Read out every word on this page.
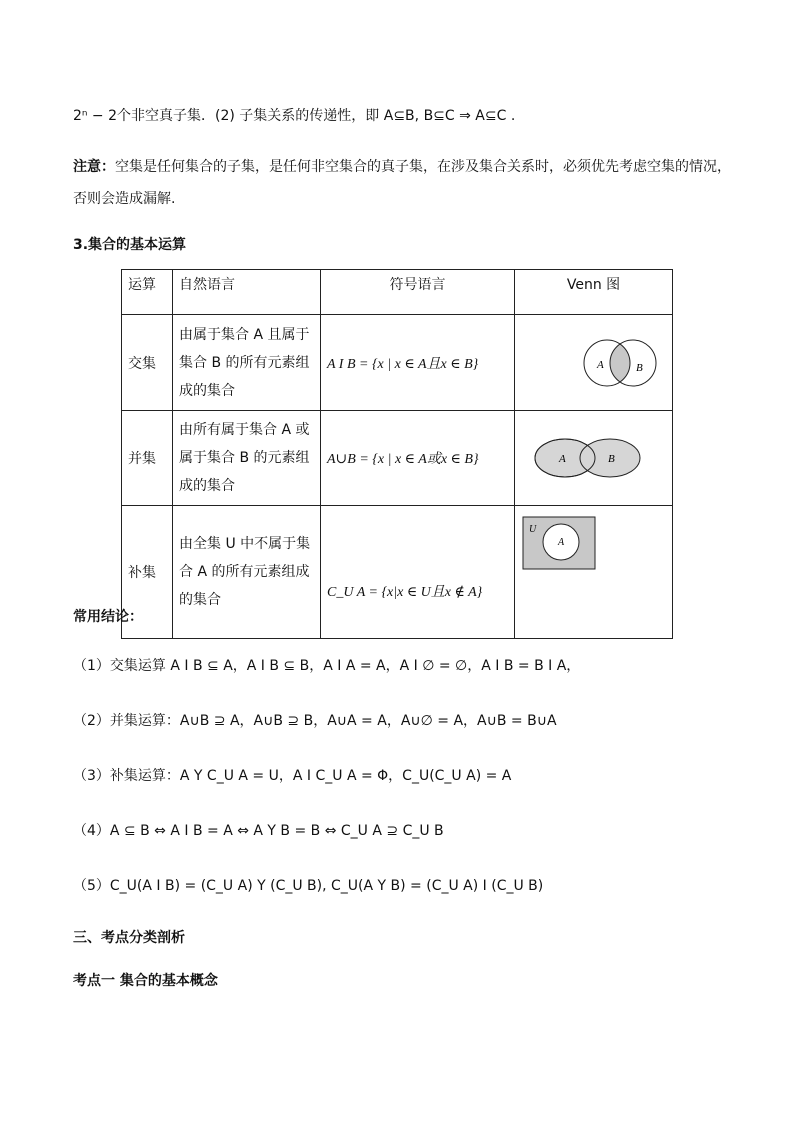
2ⁿ − 2个非空真子集．(2) 子集关系的传递性，即 A⊆B, B⊆C ⇒ A⊆C .
注意：空集是任何集合的子集，是任何非空集合的真子集，在涉及集合关系时，必须优先考虑空集的情况，
否则会造成漏解.
3.集合的基本运算
运算	自然语言	符号语言	Venn 图
交集	由属于集合 A 且属于集合 B 的所有元素组成的集合	A I B = {x | x ∈ A且x ∈ B}	A B

并集	由所有属于集合 A 或属于集合 B 的元素组成的集合	A∪B = {x | x ∈ A或x ∈ B}	A B

补集	由全集 U 中不属于集合 A 的所有元素组成的集合	C_U A = {x|x ∈ U且x ∉ A}	U
A
常用结论：
（1）交集运算 A I B ⊆ A，A I B ⊆ B，A I A = A，A I ∅ = ∅，A I B = B I A，
（2）并集运算：A∪B ⊇ A，A∪B ⊇ B，A∪A = A，A∪∅ = A，A∪B = B∪A
（3）补集运算：A Y C_U A = U，A I C_U A = Φ，C_U(C_U A) = A
（4）A ⊆ B ⇔ A I B = A ⇔ A Y B = B ⇔ C_U A ⊇ C_U B
（5）C_U(A I B) = (C_U A) Y (C_U B), C_U(A Y B) = (C_U A) I (C_U B)
三、考点分类剖析
考点一 集合的基本概念
